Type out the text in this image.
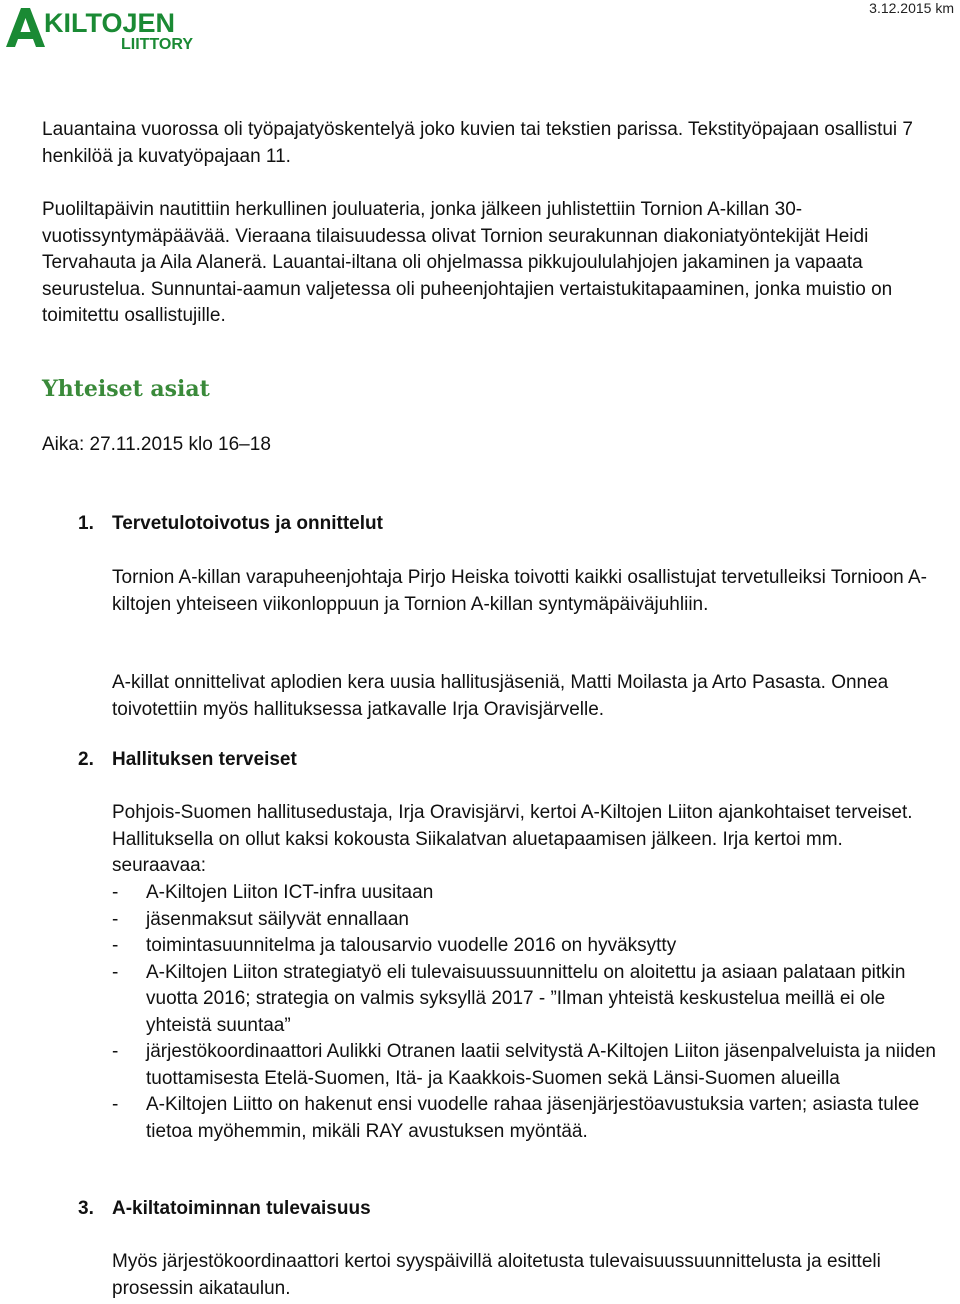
KILTOJEN
LIITTORY
3.12.2015 km

Lauantaina vuorossa oli työpajatyöskentelyä joko kuvien tai tekstien parissa. Tekstityöpajaan osallistui 7 henkilöä ja kuvatyöpajaan 11.

Puoliltapäivin nautittiin herkullinen jouluateria, jonka jälkeen juhlistettiin Tornion A-killan 30-vuotissyntymäpäävää. Vieraana tilaisuudessa olivat Tornion seurakunnan diakoniatyöntekijät Heidi Tervahauta ja Aila Alanerä. Lauantai-iltana oli ohjelmassa pikkujoululahjojen jakaminen ja vapaata seurustelua. Sunnuntai-aamun valjetessa oli puheenjohtajien vertaistukitapaaminen, jonka muistio on toimitettu osallistujille.

Yhteiset asiat
Aika: 27.11.2015 klo 16–18
1. Tervetulotoivotus ja onnittelut

Tornion A-killan varapuheenjohtaja Pirjo Heiska toivotti kaikki osallistujat tervetulleiksi Tornioon A-kiltojen yhteiseen viikonloppuun ja Tornion A-killan syntymäpäiväjuhliin.

A-killat onnittelivat aplodien kera uusia hallitusjäseniä, Matti Moilasta ja Arto Pasasta. Onnea toivotettiin myös hallituksessa jatkavalle Irja Oravisjärvelle.

2. Hallituksen terveiset

Pohjois-Suomen hallitusedustaja, Irja Oravisjärvi, kertoi A-Kiltojen Liiton ajankohtaiset terveiset. Hallituksella on ollut kaksi kokousta Siikalatvan aluetapaamisen jälkeen. Irja kertoi mm. seuraavaa:

- A-Kiltojen Liiton ICT-infra uusitaan
- jäsenmaksut säilyvät ennallaan
- toimintasuunnitelma ja talousarvio vuodelle 2016 on hyväksytty
- A-Kiltojen Liiton strategiatyö eli tulevaisuussuunnittelu on aloitettu ja asiaan palataan pitkin vuotta 2016; strategia on valmis syksyllä 2017 - ”Ilman yhteistä keskustelua meillä ei ole yhteistä suuntaa”
- järjestökoordinaattori Aulikki Otranen laatii selvitystä A-Kiltojen Liiton jäsenpalveluista ja niiden tuottamisesta Etelä-Suomen, Itä- ja Kaakkois-Suomen sekä Länsi-Suomen alueilla
- A-Kiltojen Liitto on hakenut ensi vuodelle rahaa jäsenjärjestöavustuksia varten; asiasta tulee tietoa myöhemmin, mikäli RAY avustuksen myöntää.
3. A-kiltatoiminnan tulevaisuus

Myös järjestökoordinaattori kertoi syyspäivillä aloitetusta tulevaisuussuunnittelusta ja esitteli prosessin aikataulun.
